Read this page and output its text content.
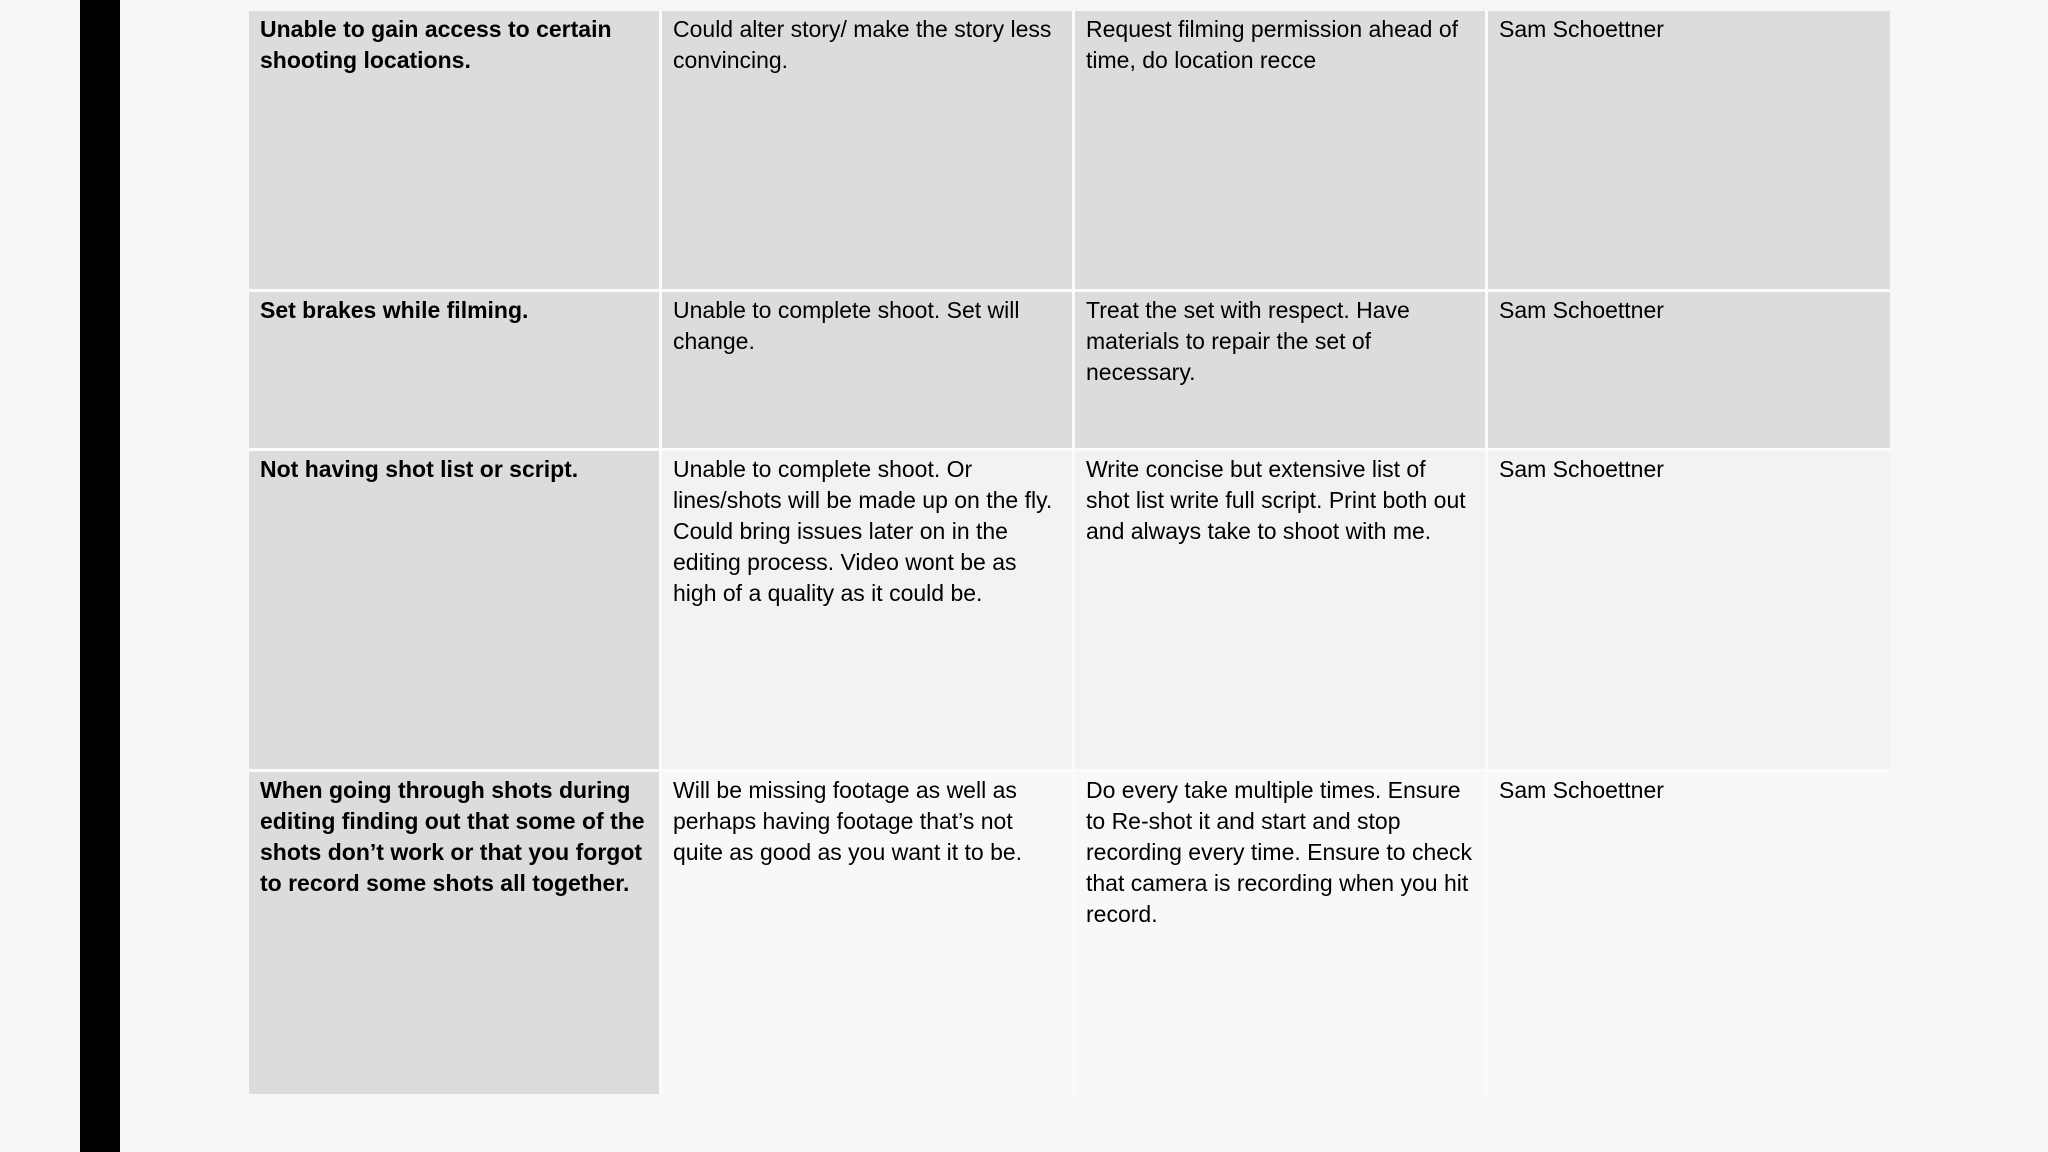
Unable to gain access to certain shooting locations.
Could alter story/ make the story less convincing.
Request filming permission ahead of time, do location recce
Sam Schoettner
Set brakes while filming.	Unable to complete shoot. Set will change.
Treat the set with respect. Have materials to repair the set of necessary.
Sam Schoettner
Not having shot list or script.	Unable to complete shoot. Or lines/shots will be made up on the fly. Could bring issues later on in the editing process. Video wont be as high of a quality as it could be.
Write concise but extensive list of shot list write full script. Print both out and always take to shoot with me.
Sam Schoettner
When going through shots during editing finding out that some of the shots don’t work or that you forgot to record some shots all together.
Will be missing footage as well as perhaps having footage that’s not quite as good as you want it to be.
Do every take multiple times. Ensure to Re-shot it and start and stop recording every time. Ensure to check that camera is recording when you hit record.
Sam Schoettner
